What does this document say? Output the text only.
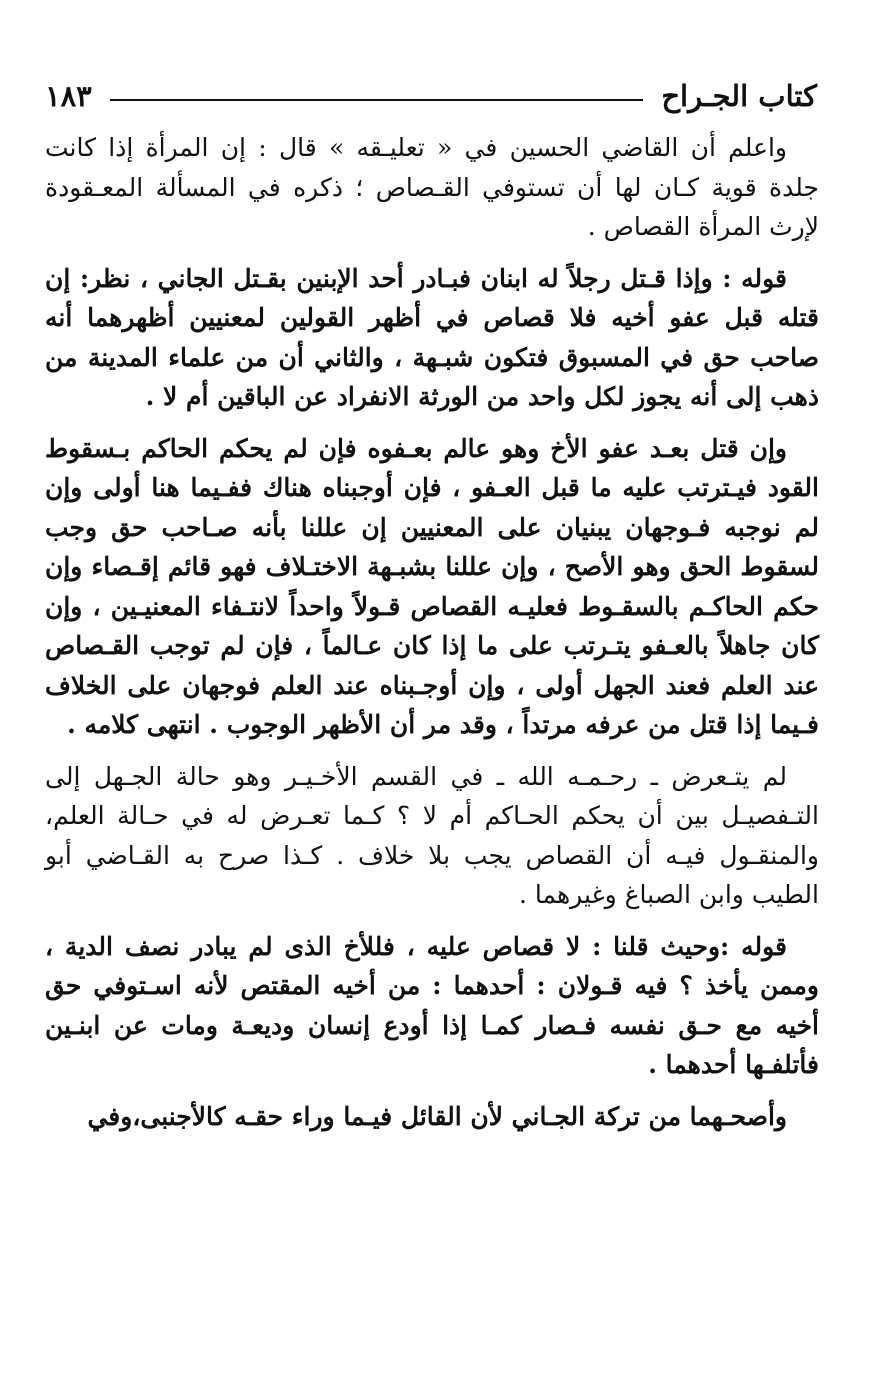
كتاب الجـراح
١٨٣

واعلم أن القاضي الحسين في « تعليـقه » قال : إن المرأة إذا كانت جلدة قوية كـان لها أن تستوفي القـصاص ؛ ذكره في المسألة المعـقودة لإرث المرأة القصاص .

قوله : وإذا قـتل رجلاً له ابنان فبـادر أحد الإبنين بقـتل الجاني ، نظر: إن قتله قبل عفو أخيه فلا قصاص في أظهر القولين لمعنيين أظهرهما أنه صاحب حق في المسبوق فتكون شبـهة ، والثاني أن من علماء المدينة من ذهب إلى أنه يجوز لكل واحد من الورثة الانفراد عن الباقين أم لا .

وإن قتل بعـد عفو الأخ وهو عالم بعـفوه فإن لم يحكم الحاكم بـسقوط القود فيـترتب عليه ما قبل العـفو ، فإن أوجبناه هناك ففـيما هنا أولى وإن لم نوجبه فـوجهان يبنيان على المعنيين إن عللنا بأنه صـاحب حق وجب لسقوط الحق وهو الأصح ، وإن عللنا بشبـهة الاختـلاف فهو قائم إقـصاء وإن حكم الحاكـم بالسقـوط فعليـه القصاص قـولاً واحداً لانتـفاء المعنيـين ، وإن كان جاهلاً بالعـفو يتـرتب على ما إذا كان عـالماً ، فإن لم توجب القـصاص عند العلم فعند الجهل أولى ، وإن أوجـبناه عند العلم فوجهان على الخلاف فـيما إذا قتل من عرفه مرتداً ، وقد مر أن الأظهر الوجوب . انتهى كلامه .

لم يتـعرض ـ رحـمـه الله ـ في القسم الأخـيـر وهو حالة الجـهل إلى التـفصيـل بين أن يحكم الحـاكم أم لا ؟ كـما تعـرض له في حـالة العلم، والمنقـول فيـه أن القصاص يجب بلا خلاف . كـذا صرح به القـاضي أبو الطيب وابن الصباغ وغيرهما .

قوله :وحيث قلنا : لا قصاص عليه ، فللأخ الذى لم يبادر نصف الدية ، وممن يأخذ ؟ فيه قـولان : أحدهما : من أخيه المقتص لأنه اسـتوفي حق أخيه مع حـق نفسه فـصار كمـا إذا أودع إنسان وديعـة ومات عن ابنـين فأتلفـها أحدهما .

وأصحـهما من تركة الجـاني لأن القائل فيـما وراء حقـه كالأجنبى،وفي
